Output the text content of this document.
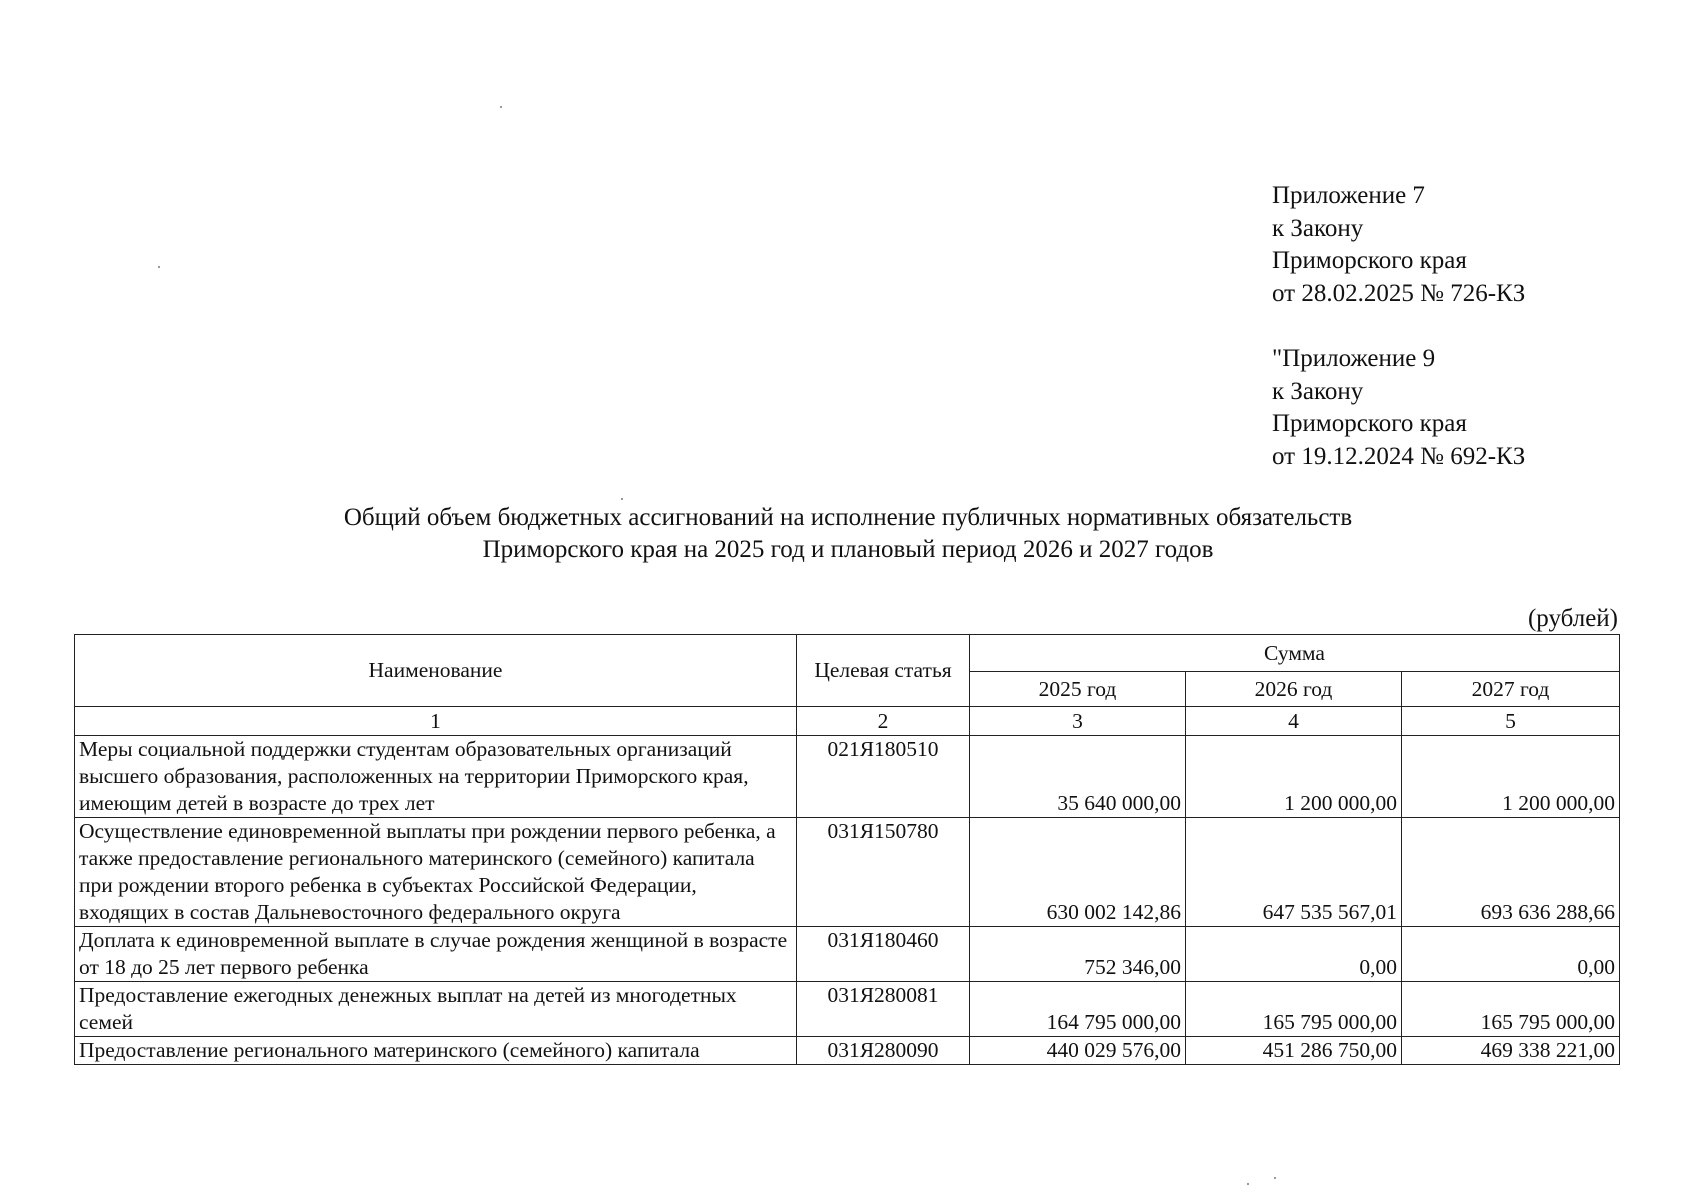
Приложение 7
к Закону
Приморского края
от 28.02.2025 № 726-КЗ
"Приложение 9
к Закону
Приморского края
от 19.12.2024 № 692-КЗ
Общий объем бюджетных ассигнований на исполнение публичных нормативных обязательств
Приморского края на 2025 год и плановый период 2026 и 2027 годов
(рублей)
Наименование	Целевая статья	Сумма		
		2025 год	2026 год	2027 год
1	2	3	4	5
Меры социальной поддержки студентам образовательных организаций высшего образования, расположенных на территории Приморского края, имеющим детей в возрасте до трех лет	021Я180510	35 640 000,00	1 200 000,00	1 200 000,00
Осуществление единовременной выплаты при рождении первого ребенка, а также предоставление регионального материнского (семейного) капитала при рождении второго ребенка в субъектах Российской Федерации, входящих в состав Дальневосточного федерального округа	031Я150780	630 002 142,86	647 535 567,01	693 636 288,66
Доплата к единовременной выплате в случае рождения женщиной в возрасте от 18 до 25 лет первого ребенка	031Я180460	752 346,00	0,00	0,00
Предоставление ежегодных денежных выплат на детей из многодетных семей	031Я280081	164 795 000,00	165 795 000,00	165 795 000,00
Предоставление регионального материнского (семейного) капитала	031Я280090	440 029 576,00	451 286 750,00	469 338 221,00
